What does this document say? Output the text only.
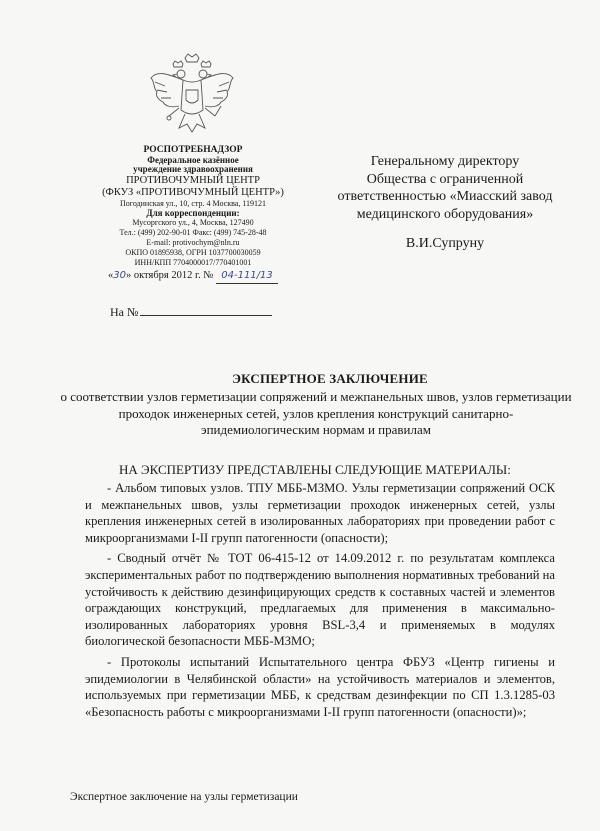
РОСПОТРЕБНАДЗОР
Федеральное казённое
учреждение здравоохранения
ПРОТИВОЧУМНЫЙ ЦЕНТР
(ФКУЗ «ПРОТИВОЧУМНЫЙ ЦЕНТР»)
Погодинская ул., 10, стр. 4 Москва, 119121
Для корреспонденции:
Мусоргского ул., 4, Москва, 127490
Тел.: (499) 202-90-01 Факс: (499) 745-28-48
E-mail: protivochym@nln.ru
ОКПО 01895938, ОГРН 1037700030059
ИНН/КПП 7704000017/770401001
«30» октября 2012 г. № 04-111/13
На №
Генеральному директору
Общества с ограниченной
ответственностью «Миасский завод
медицинского оборудования»
В.И.Супруну
ЭКСПЕРТНОЕ ЗАКЛЮЧЕНИЕ
о соответствии узлов герметизации сопряжений и межпанельных швов, узлов герметизации проходок инженерных сетей, узлов крепления конструкций санитарно-эпидемиологическим нормам и правилам
НА ЭКСПЕРТИЗУ ПРЕДСТАВЛЕНЫ СЛЕДУЮЩИЕ МАТЕРИАЛЫ:

- Альбом типовых узлов. ТПУ МББ-МЗМО. Узлы герметизации сопряжений ОСК и межпанельных швов, узлы герметизации проходок инженерных сетей, узлы крепления инженерных сетей в изолированных лабораториях при проведении работ с микроорганизмами I-II групп патогенности (опасности);

- Сводный отчёт № ТОТ 06-415-12 от 14.09.2012 г. по результатам комплекса экспериментальных работ по подтверждению выполнения нормативных требований на устойчивость к действию дезинфицирующих средств к составных частей и элементов ограждающих конструкций, предлагаемых для применения в максимально-изолированных лабораториях уровня BSL-3,4 и применяемых в модулях биологической безопасности МББ-МЗМО;

- Протоколы испытаний Испытательного центра ФБУЗ «Центр гигиены и эпидемиологии в Челябинской области» на устойчивость материалов и элементов, используемых при герметизации МББ, к средствам дезинфекции по СП 1.3.1285-03 «Безопасность работы с микроорганизмами I-II групп патогенности (опасности)»;

Экспертное заключение на узлы герметизации
